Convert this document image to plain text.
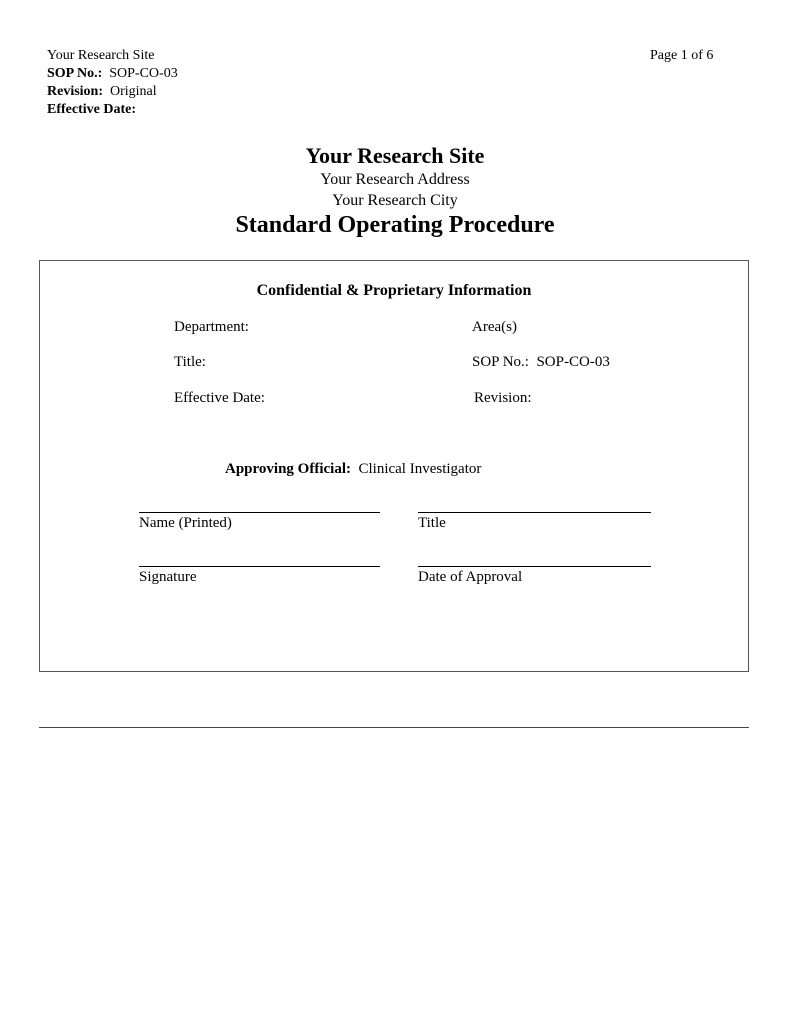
Your Research Site
SOP No.: SOP-CO-03
Revision: Original
Effective Date:
Page 1 of 6
Your Research Site
Your Research Address
Your Research City
Standard Operating Procedure
Confidential & Proprietary Information
Department:	Area(s)
Title:	SOP No.: SOP-CO-03
Effective Date:	Revision:
Approving Official: Clinical Investigator
Name (Printed)	Title
Signature	Date of Approval
